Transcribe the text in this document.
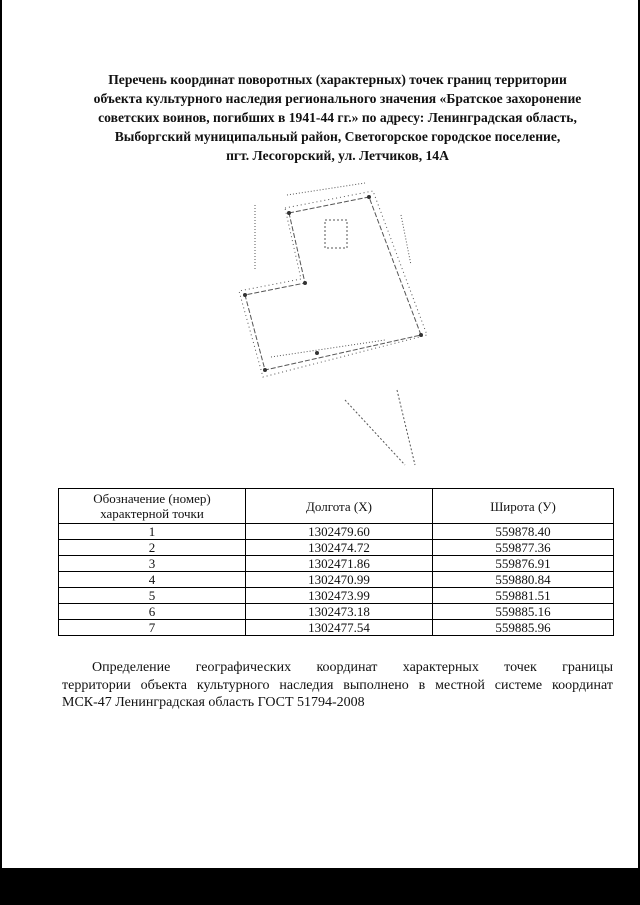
Перечень координат поворотных (характерных) точек границ территории
объекта культурного наследия регионального значения «Братское захоронение
советских воинов, погибших в 1941-44 гг.» по адресу: Ленинградская область,
Выборгский муниципальный район, Светогорское городское поселение,
пгт. Лесогорский, ул. Летчиков, 14А
Обозначение (номер) характерной точки	Долгота (X)	Широта (У)
1	1302479.60	559878.40
2	1302474.72	559877.36
3	1302471.86	559876.91
4	1302470.99	559880.84
5	1302473.99	559881.51
6	1302473.18	559885.16
7	1302477.54	559885.96
Определение географических координат характерных точек границы
территории объекта культурного наследия выполнено в местной системе координат МСК-47 Ленинградская область ГОСТ 51794-2008
